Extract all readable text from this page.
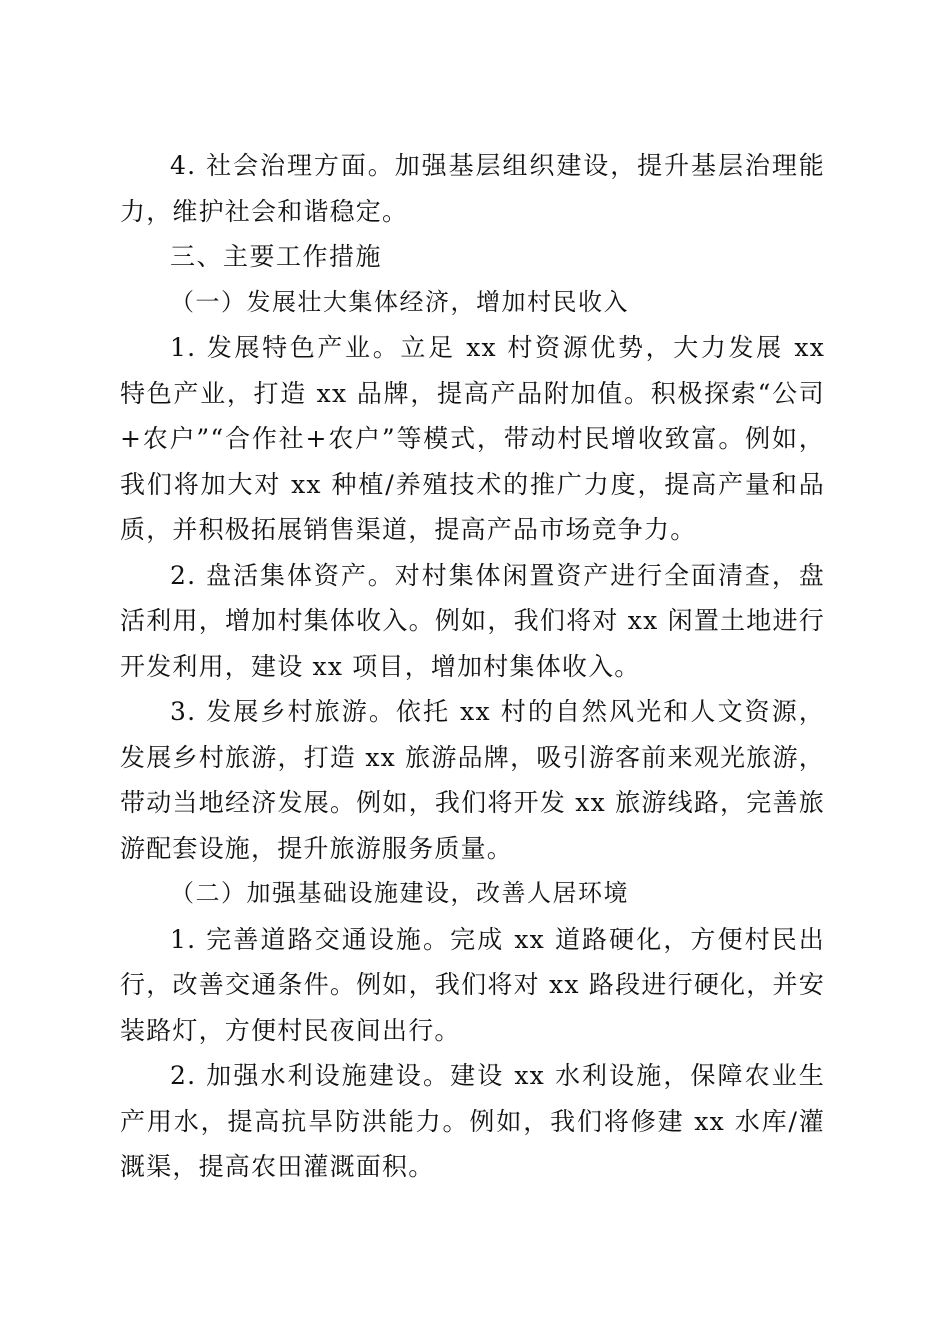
4. 社会治理方面。加强基层组织建设，提升基层治理能力，维护社会和谐稳定。

三、主要工作措施

（一）发展壮大集体经济，增加村民收入

1. 发展特色产业。立足 xx 村资源优势，大力发展 xx 特色产业，打造 xx 品牌，提高产品附加值。积极探索“公司+农户”“合作社+农户”等模式，带动村民增收致富。例如，我们将加大对 xx 种植/养殖技术的推广力度，提高产量和品质，并积极拓展销售渠道，提高产品市场竞争力。

2. 盘活集体资产。对村集体闲置资产进行全面清查，盘活利用，增加村集体收入。例如，我们将对 xx 闲置土地进行开发利用，建设 xx 项目，增加村集体收入。

3. 发展乡村旅游。依托 xx 村的自然风光和人文资源，发展乡村旅游，打造 xx 旅游品牌，吸引游客前来观光旅游，带动当地经济发展。例如，我们将开发 xx 旅游线路，完善旅游配套设施，提升旅游服务质量。

（二）加强基础设施建设，改善人居环境

1. 完善道路交通设施。完成 xx 道路硬化，方便村民出行，改善交通条件。例如，我们将对 xx 路段进行硬化，并安装路灯，方便村民夜间出行。

2. 加强水利设施建设。建设 xx 水利设施，保障农业生产用水，提高抗旱防洪能力。例如，我们将修建 xx 水库/灌溉渠，提高农田灌溉面积。
